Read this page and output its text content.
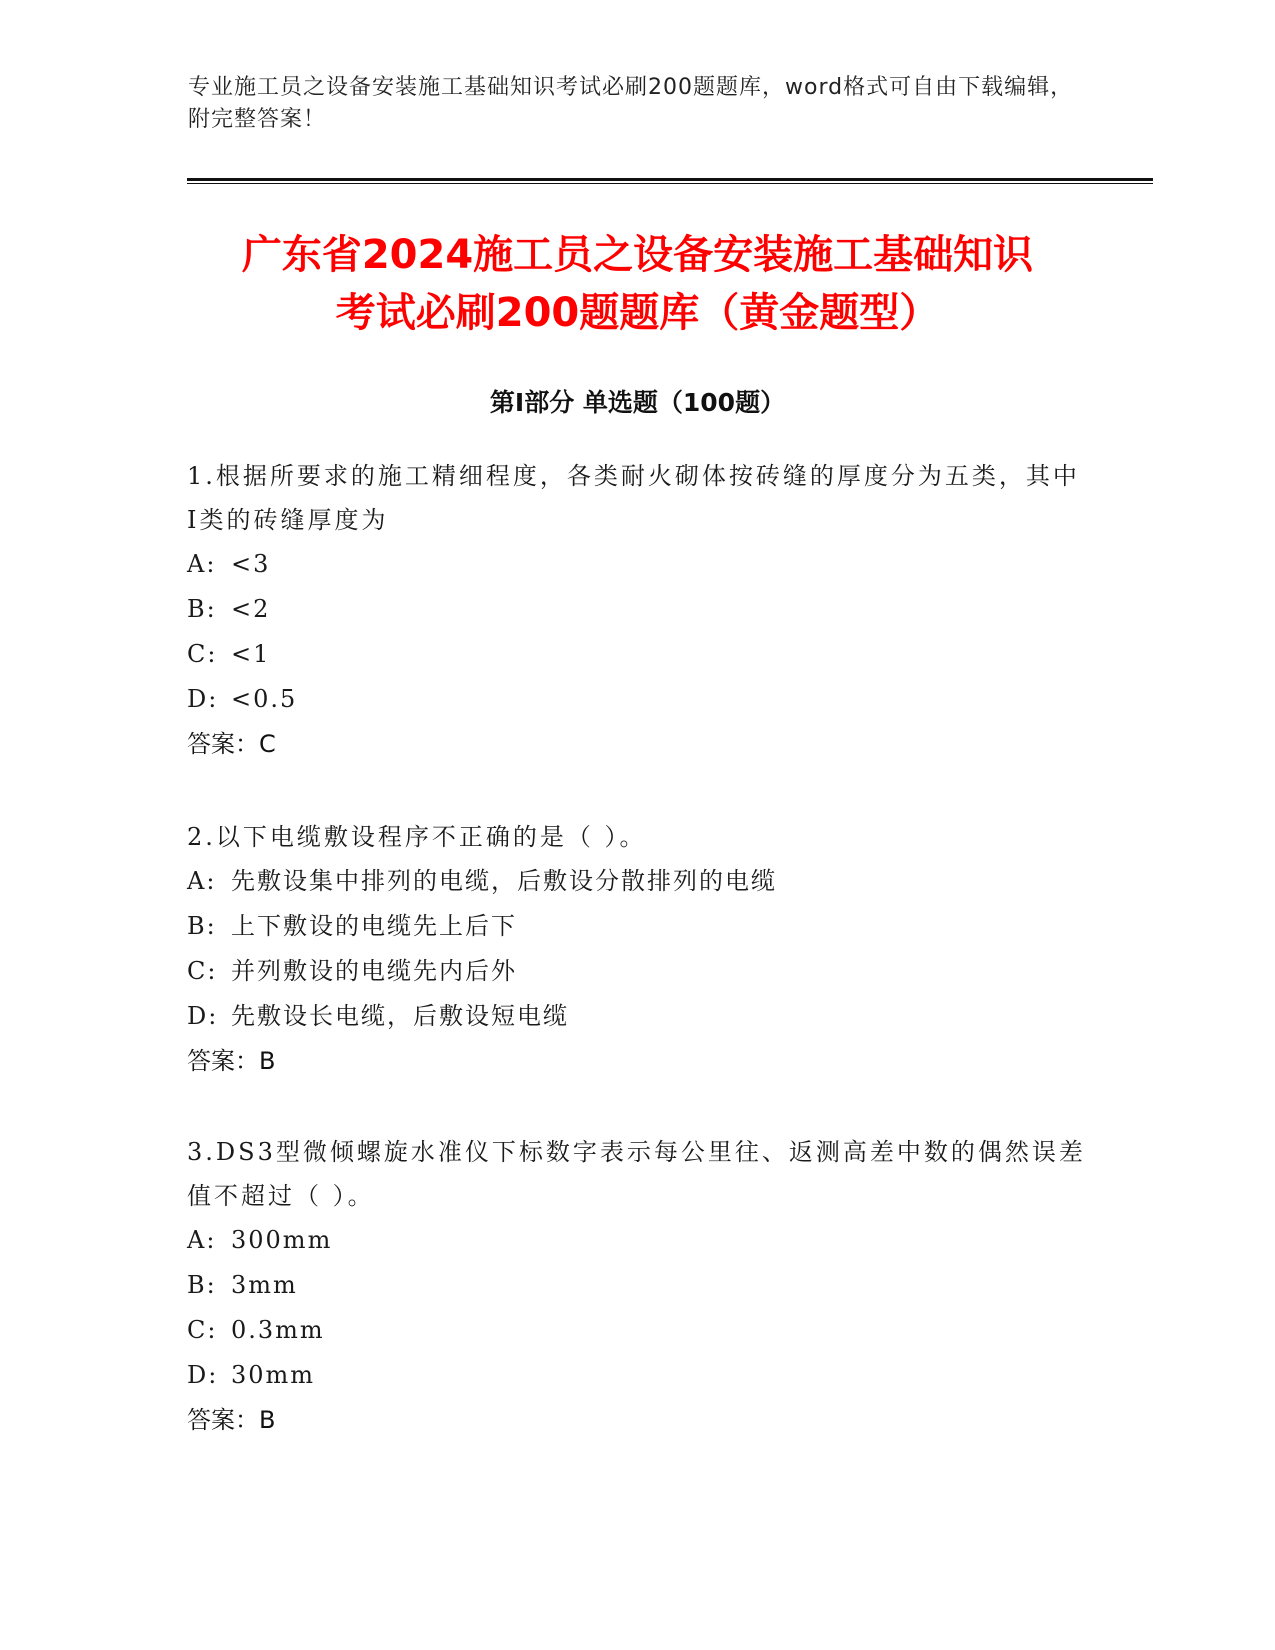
专业施工员之设备安装施工基础知识考试必刷200题题库，word格式可自由下载编辑，附完整答案！
广东省2024施工员之设备安装施工基础知识
考试必刷200题题库（黄金题型）
第I部分 单选题（100题）

1.根据所要求的施工精细程度，各类耐火砌体按砖缝的厚度分为五类，其中Ⅰ类的砖缝厚度为

A: <3

B: <2

C: <1

D: <0.5

答案：C

2.以下电缆敷设程序不正确的是（ ）。

A: 先敷设集中排列的电缆，后敷设分散排列的电缆

B: 上下敷设的电缆先上后下

C: 并列敷设的电缆先内后外

D: 先敷设长电缆，后敷设短电缆

答案：B

3.DS3型微倾螺旋水准仪下标数字表示每公里往、返测高差中数的偶然误差值不超过（ ）。

A: 300mm

B: 3mm

C: 0.3mm

D: 30mm

答案：B
